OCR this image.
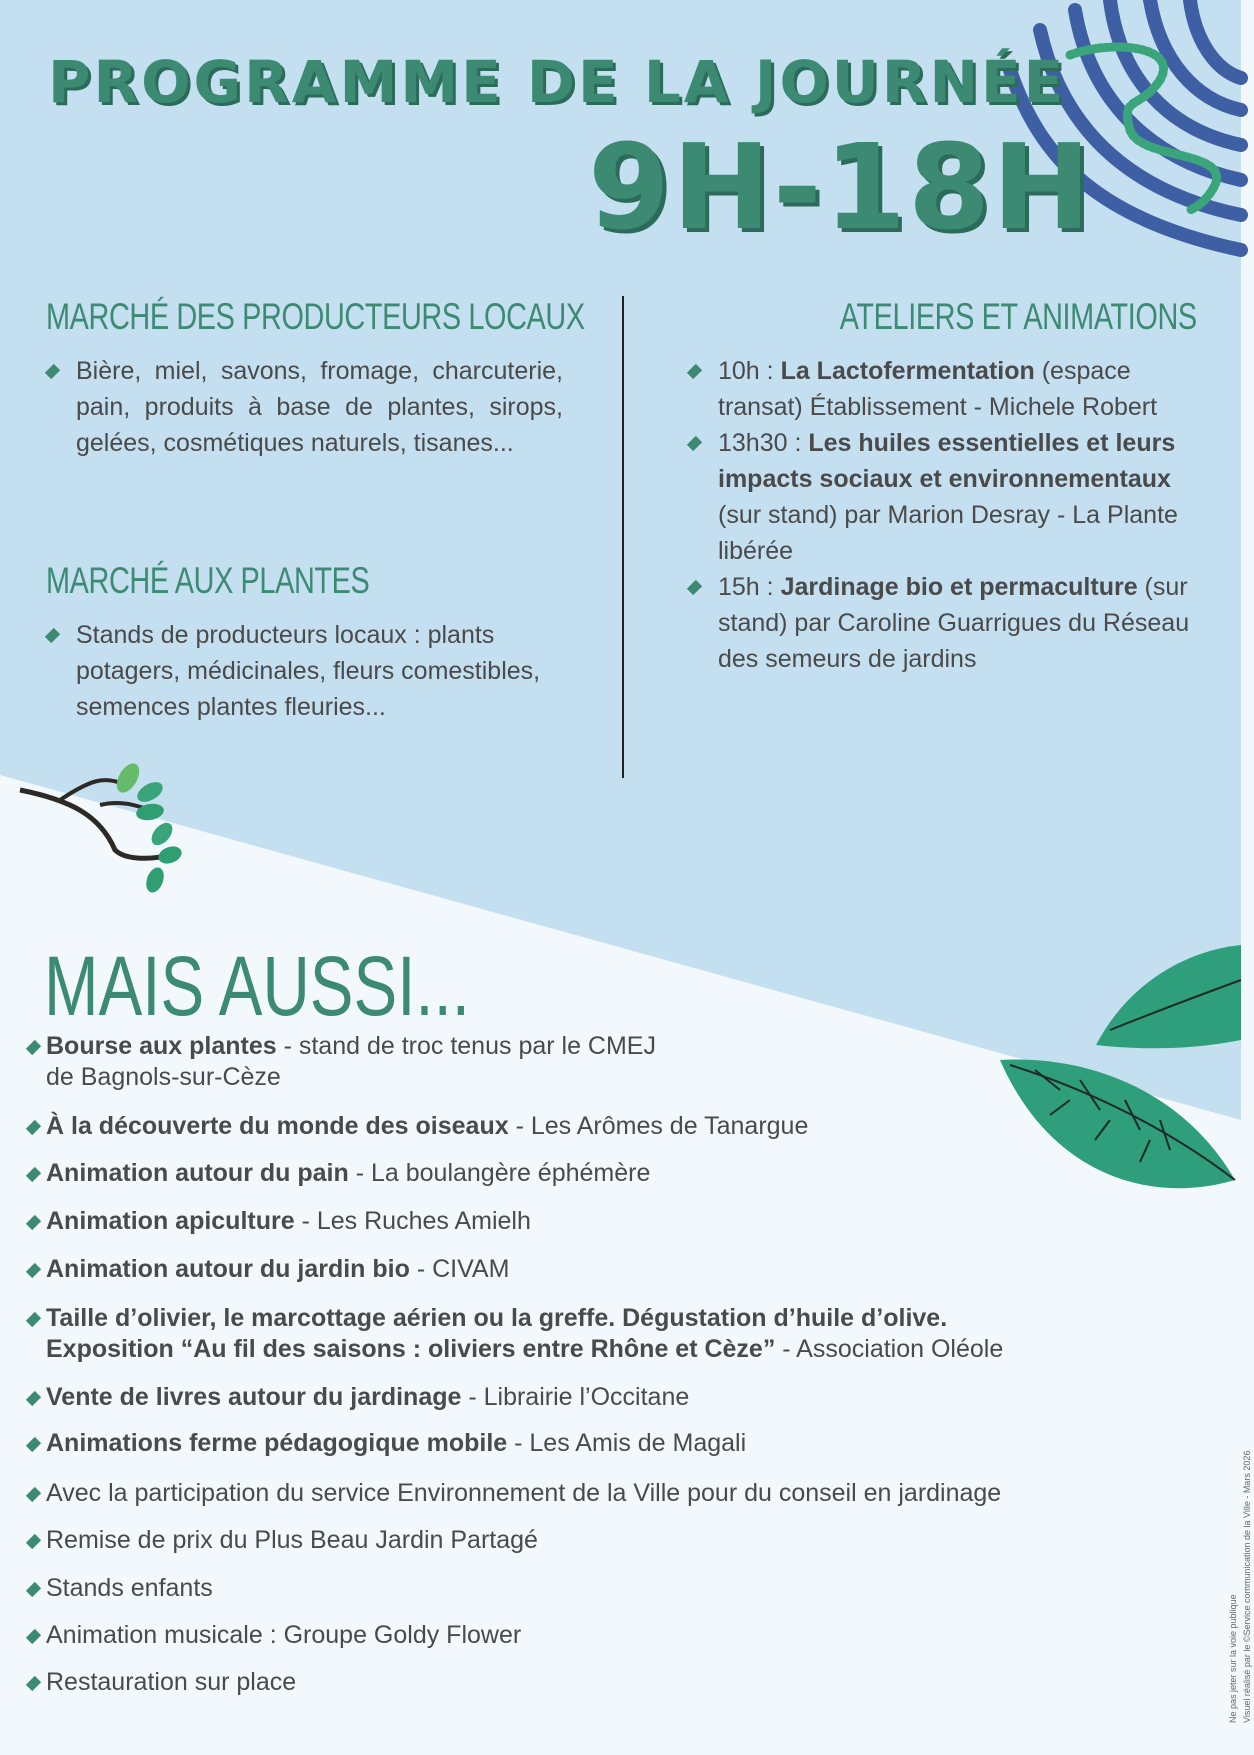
PROGRAMME DE LA JOURNÉE
9H-18H
MARCHÉ DES PRODUCTEURS LOCAUX
Bière, miel, savons, fromage, charcuterie, pain, produits à base de plantes, sirops, gelées, cosmétiques naturels, tisanes...
MARCHÉ AUX PLANTES
Stands de producteurs locaux : plants potagers, médicinales, fleurs comestibles, semences plantes fleuries...
ATELIERS ET ANIMATIONS
10h : La Lactofermentation (espace transat) Établissement - Michele Robert
13h30 : Les huiles essentielles et leurs impacts sociaux et environnementaux (sur stand) par Marion Desray - La Plante libérée
15h : Jardinage bio et permaculture (sur stand) par Caroline Guarrigues du Réseau des semeurs de jardins
MAIS AUSSI...
Bourse aux plantes - stand de troc tenus par le CMEJ
de Bagnols-sur-Cèze
À la découverte du monde des oiseaux - Les Arômes de Tanargue
Animation autour du pain - La boulangère éphémère
Animation apiculture - Les Ruches Amielh
Animation autour du jardin bio - CIVAM
Taille d’olivier, le marcottage aérien ou la greffe. Dégustation d’huile d’olive.
Exposition “Au fil des saisons : oliviers entre Rhône et Cèze” - Association Oléole
Vente de livres autour du jardinage - Librairie l’Occitane
Animations ferme pédagogique mobile - Les Amis de Magali
Avec la participation du service Environnement de la Ville pour du conseil en jardinage
Remise de prix du Plus Beau Jardin Partagé
Stands enfants
Animation musicale : Groupe Goldy Flower
Restauration sur place	Ne pas jeter sur la voie publique Visuel réalisé par le ©Service communication de la Ville - Mars 2026
